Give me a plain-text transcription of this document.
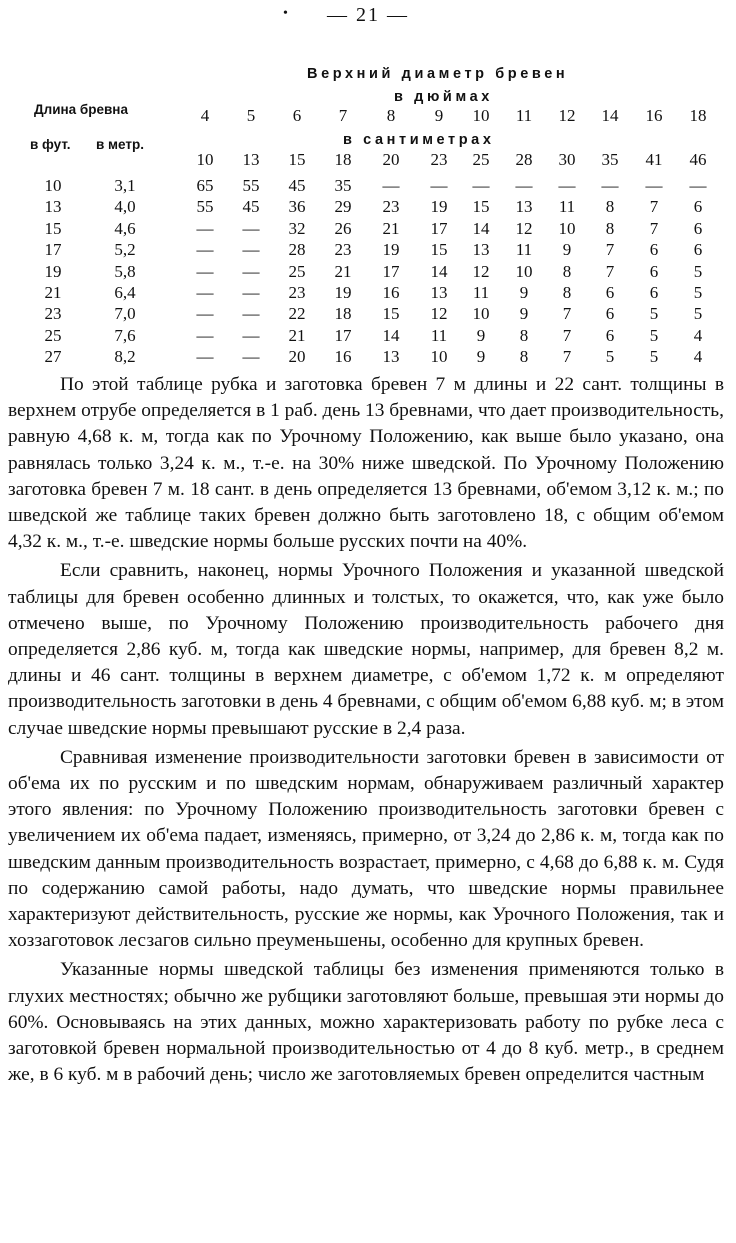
• — 21 —
Верхний диаметр бревен
в дюймах
в сантиметрах
Длина бревна
в фут. в метр.
4	5	6	7	8	9	10	11	12	14	16	18
10	13	15	18	20	23	25	28	30	35	41	46
10	3,1	65	55	45	35	—	—	—	—	—	—	—	—
13	4,0	55	45	36	29	23	19	15	13	11	8	7	6
15	4,6	—	—	32	26	21	17	14	12	10	8	7	6
17	5,2	—	—	28	23	19	15	13	11	9	7	6	6
19	5,8	—	—	25	21	17	14	12	10	8	7	6	5
21	6,4	—	—	23	19	16	13	11	9	8	6	6	5
23	7,0	—	—	22	18	15	12	10	9	7	6	5	5
25	7,6	—	—	21	17	14	11	9	8	7	6	5	4
27	8,2	—	—	20	16	13	10	9	8	7	5	5	4

По этой таблице рубка и заготовка бревен 7 м длины и 22 сант. толщины в верхнем отрубе определяется в 1 раб. день 13 бревнами, что дает производительность, равную 4,68 к. м, тогда как по Урочному Положению, как выше было указано, она равнялась только 3,24 к. м., т.-е. на 30% ниже шведской. По Урочному Положению заготовка бревен 7 м. 18 сант. в день определяется 13 бревнами, об'емом 3,12 к. м.; по шведской же таблице таких бревен должно быть заготовлено 18, с общим об'емом 4,32 к. м., т.-е. шведские нормы больше русских почти на 40%.

Если сравнить, наконец, нормы Урочного Положения и указанной шведской таблицы для бревен особенно длинных и толстых, то окажется, что, как уже было отмечено выше, по Урочному Положению производительность рабочего дня определяется 2,86 куб. м, тогда как шведские нормы, например, для бревен 8,2 м. длины и 46 сант. толщины в верхнем диаметре, с об'емом 1,72 к. м определяют производительность заготовки в день 4 бревнами, с общим об'емом 6,88 куб. м; в этом случае шведские нормы превышают русские в 2,4 раза.

Сравнивая изменение производительности заготовки бревен в зависимости от об'ема их по русским и по шведским нормам, обнаруживаем различный характер этого явления: по Урочному Положению производительность заготовки бревен с увеличением их об'ема падает, изменяясь, примерно, от 3,24 до 2,86 к. м, тогда как по шведским данным производительность возрастает, примерно, с 4,68 до 6,88 к. м. Судя по содержанию самой работы, надо думать, что шведские нормы правильнее характеризуют действительность, русские же нормы, как Урочного Положения, так и хоззаготовок лесзагов сильно преуменьшены, особенно для крупных бревен.

Указанные нормы шведской таблицы без изменения применяются только в глухих местностях; обычно же рубщики заготовляют больше, превышая эти нормы до 60%. Основываясь на этих данных, можно характеризовать работу по рубке леса с заготовкой бревен нормальной производительностью от 4 до 8 куб. метр., в среднем же, в 6 куб. м в рабочий день; число же заготовляемых бревен определится частным
